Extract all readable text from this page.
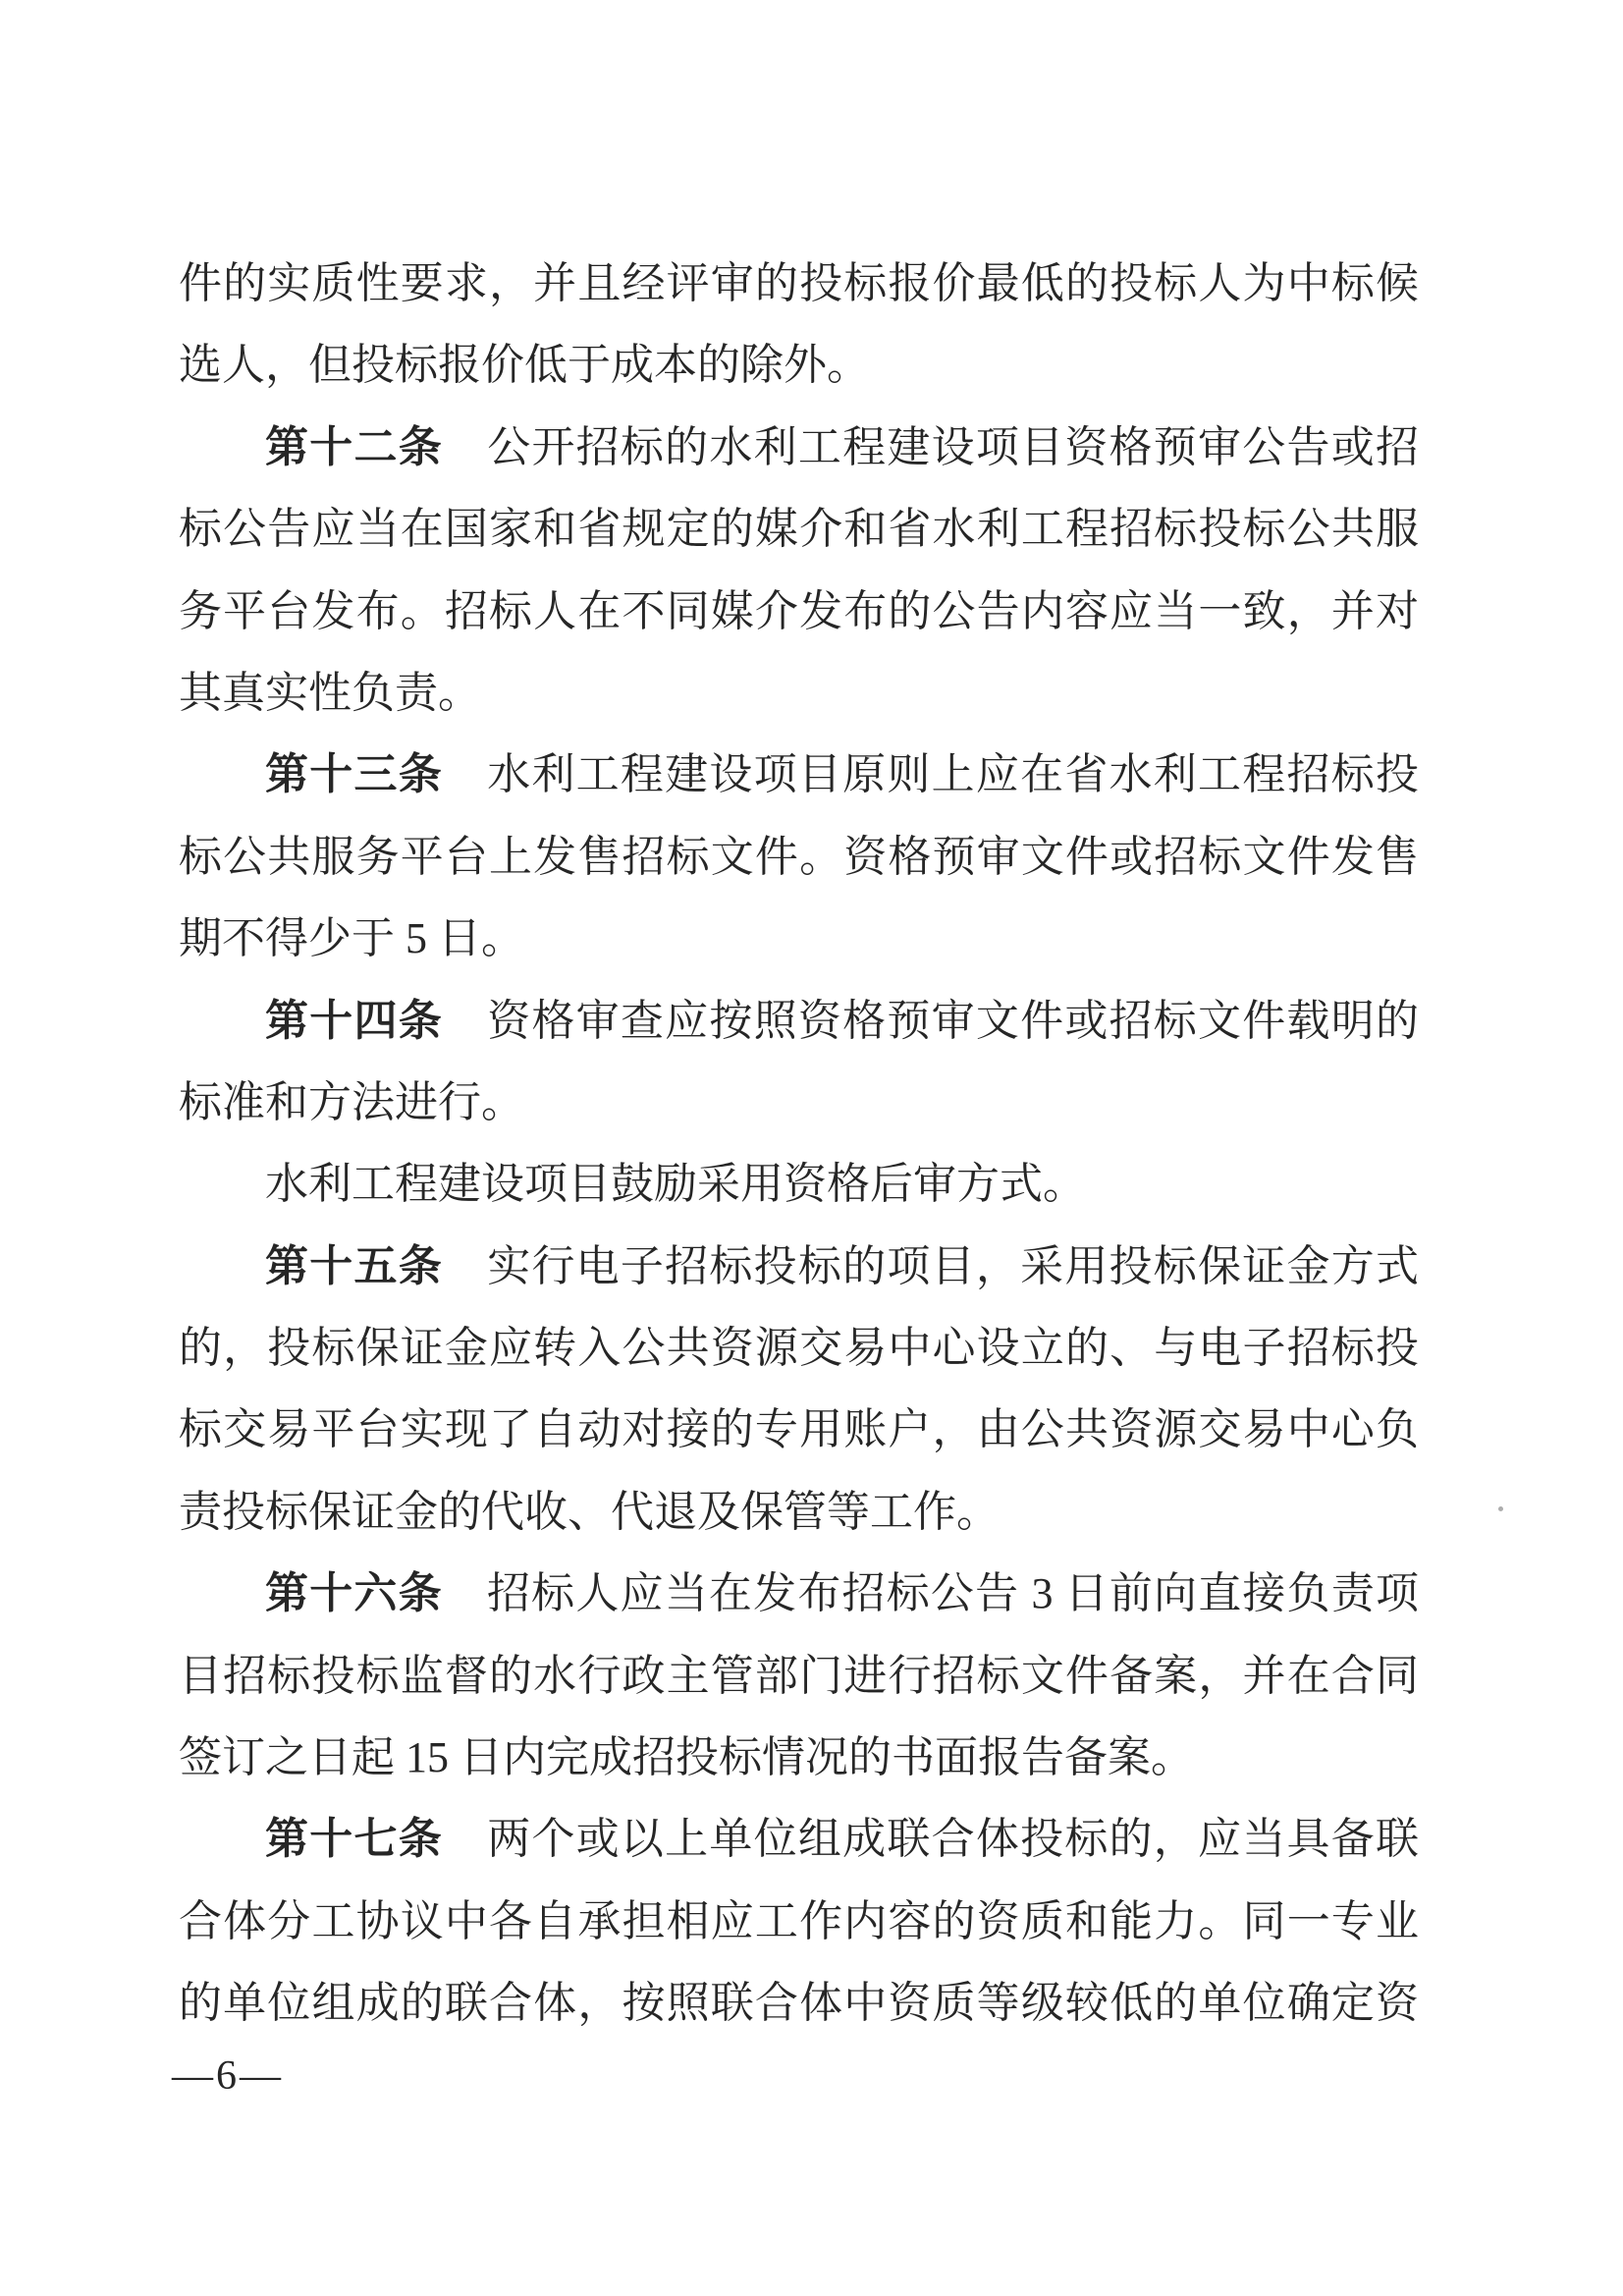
件的实质性要求，并且经评审的投标报价最低的投标人为中标候
选人，但投标报价低于成本的除外。
第十二条　公开招标的水利工程建设项目资格预审公告或招
标公告应当在国家和省规定的媒介和省水利工程招标投标公共服
务平台发布。招标人在不同媒介发布的公告内容应当一致，并对
其真实性负责。
第十三条　水利工程建设项目原则上应在省水利工程招标投
标公共服务平台上发售招标文件。资格预审文件或招标文件发售
期不得少于 5 日。
第十四条　资格审查应按照资格预审文件或招标文件载明的
标准和方法进行。
水利工程建设项目鼓励采用资格后审方式。
第十五条　实行电子招标投标的项目，采用投标保证金方式
的，投标保证金应转入公共资源交易中心设立的、与电子招标投
标交易平台实现了自动对接的专用账户，由公共资源交易中心负
责投标保证金的代收、代退及保管等工作。
第十六条　招标人应当在发布招标公告 3 日前向直接负责项
目招标投标监督的水行政主管部门进行招标文件备案，并在合同
签订之日起 15 日内完成招投标情况的书面报告备案。
第十七条　两个或以上单位组成联合体投标的，应当具备联
合体分工协议中各自承担相应工作内容的资质和能力。同一专业
的单位组成的联合体，按照联合体中资质等级较低的单位确定资
—6—
